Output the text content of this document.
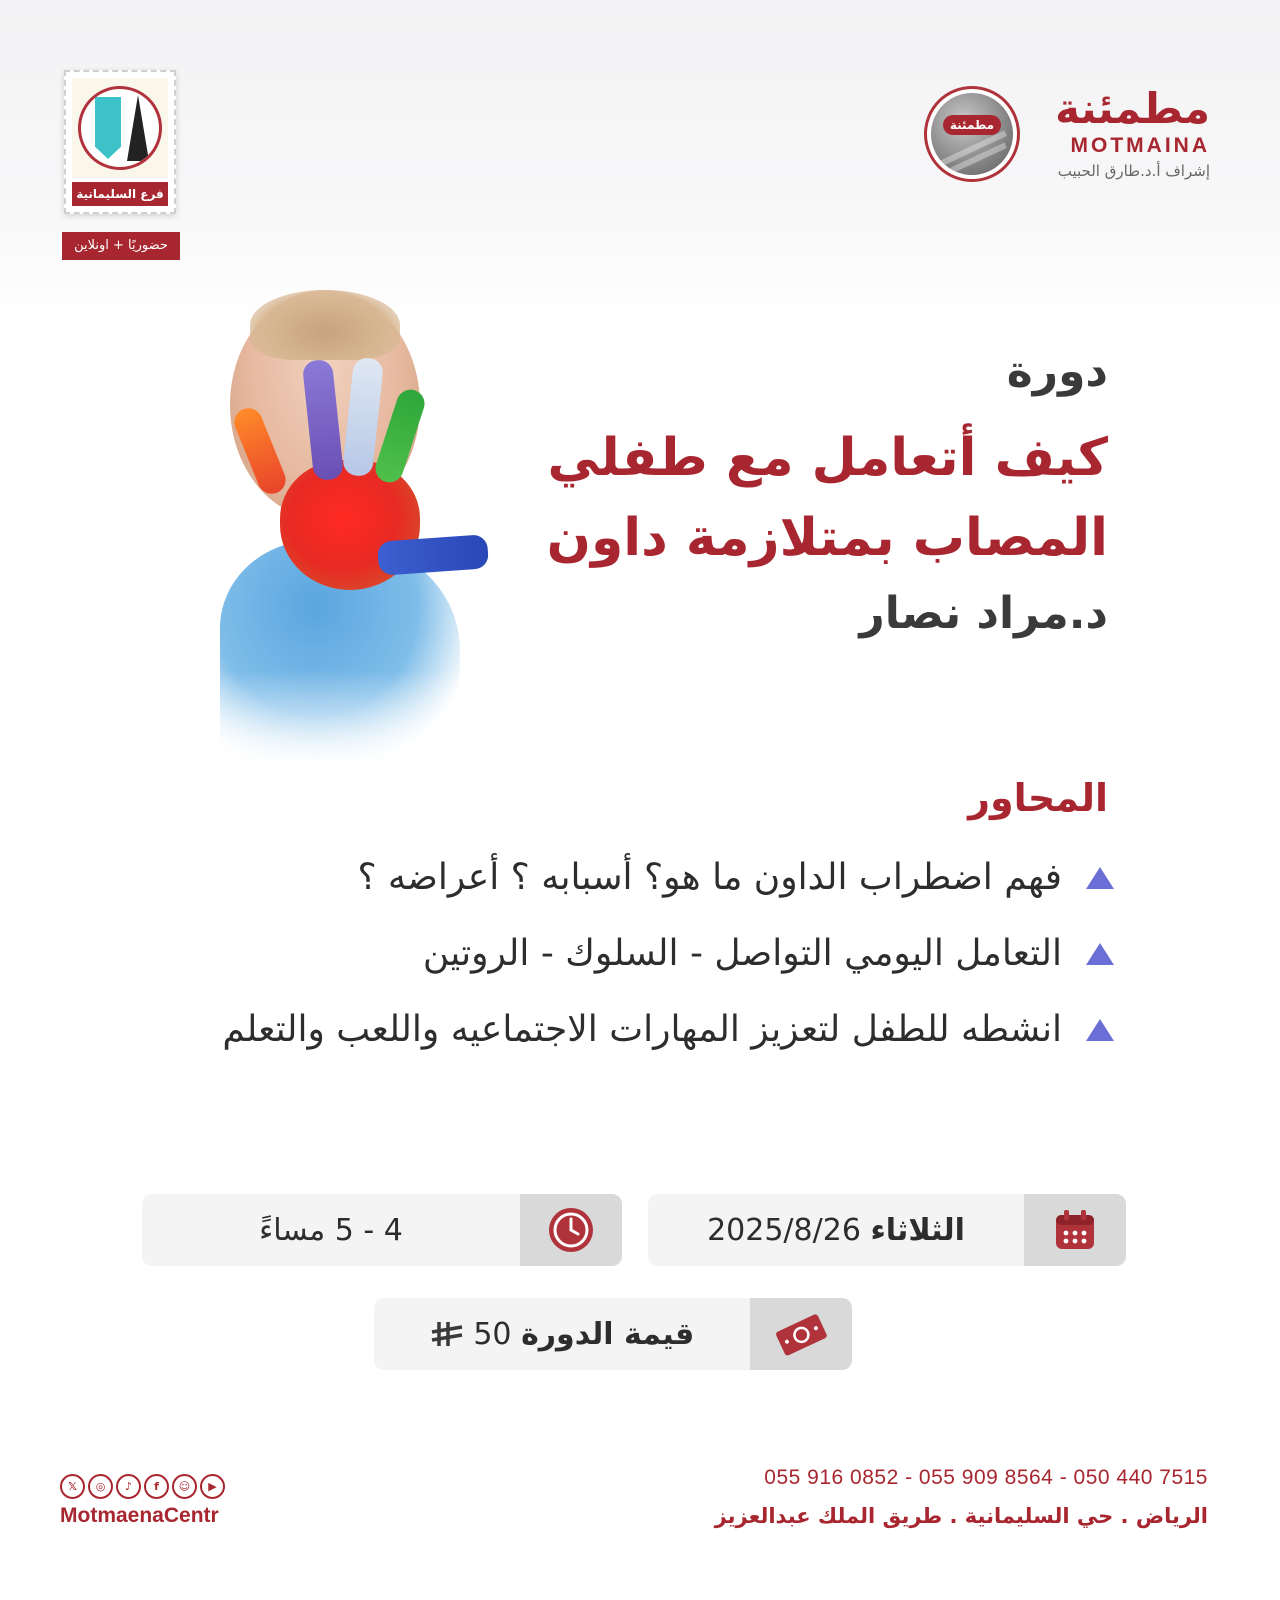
مطمئنة مطمئنة
MOTMAINA
إشراف أ.د.طارق الحبيب
فرع السليمانية
حضوريًا + اونلاين
دورة
كيف أتعامل مع طفلي
المصاب بمتلازمة داون
د.مراد نصار
المحاور
فهم اضطراب الداون ما هو؟ أسبابه ؟ أعراضه ؟
التعامل اليومي التواصل - السلوك - الروتين
انشطه للطفل لتعزيز المهارات الاجتماعيه واللعب والتعلم
الثلاثاء 2025/8/26
4 - 5 مساءً
قيمة الدورة 50
𝕏	◎	♪	f	☺	▶
MotmaenaCentr
055 916 0852 - 055 909 8564 - 050 440 7515
الرياض . حي السليمانية . طريق الملك عبدالعزيز
